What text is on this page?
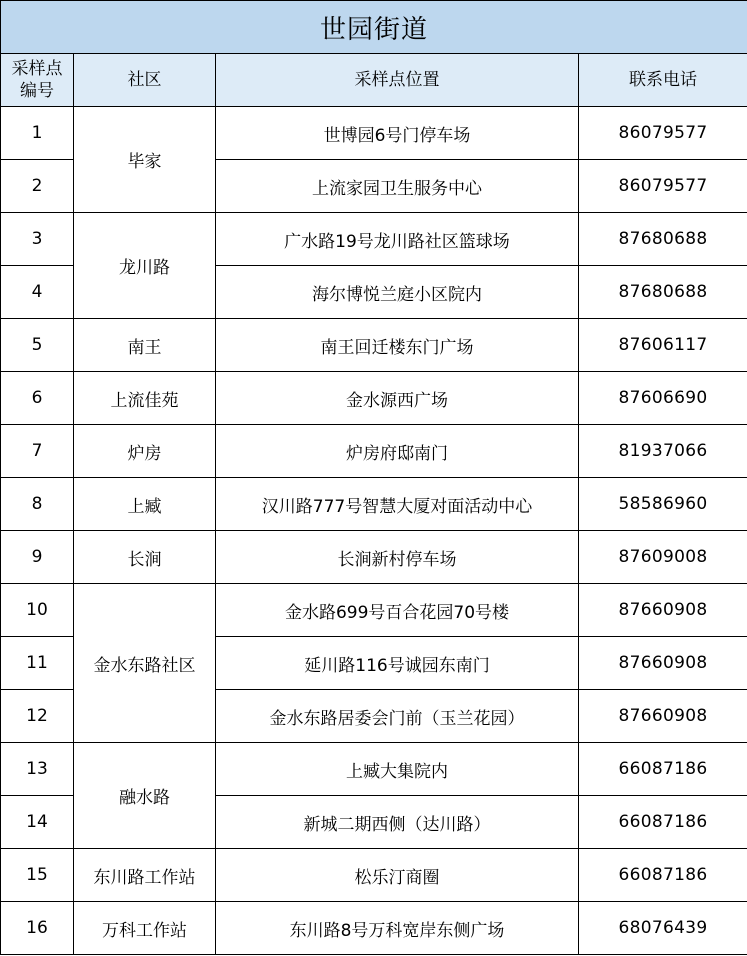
世园街道			
采样点
编号	社区	采样点位置	联系电话
1	毕家	世博园6号门停车场	86079577
2		上流家园卫生服务中心	86079577
3	龙川路	广水路19号龙川路社区篮球场	87680688
4		海尔博悦兰庭小区院内	87680688
5	南王	南王回迁楼东门广场	87606117
6	上流佳苑	金水源西广场	87606690
7	炉房	炉房府邸南门	81937066
8	上臧	汉川路777号智慧大厦对面活动中心	58586960
9	长涧	长涧新村停车场	87609008
10	金水东路社区	金水路699号百合花园70号楼	87660908
11		延川路116号诚园东南门	87660908
12		金水东路居委会门前（玉兰花园）	87660908
13	融水路	上臧大集院内	66087186
14		新城二期西侧（达川路）	66087186
15	东川路工作站	松乐汀商圈	66087186
16	万科工作站	东川路8号万科宽岸东侧广场	68076439
